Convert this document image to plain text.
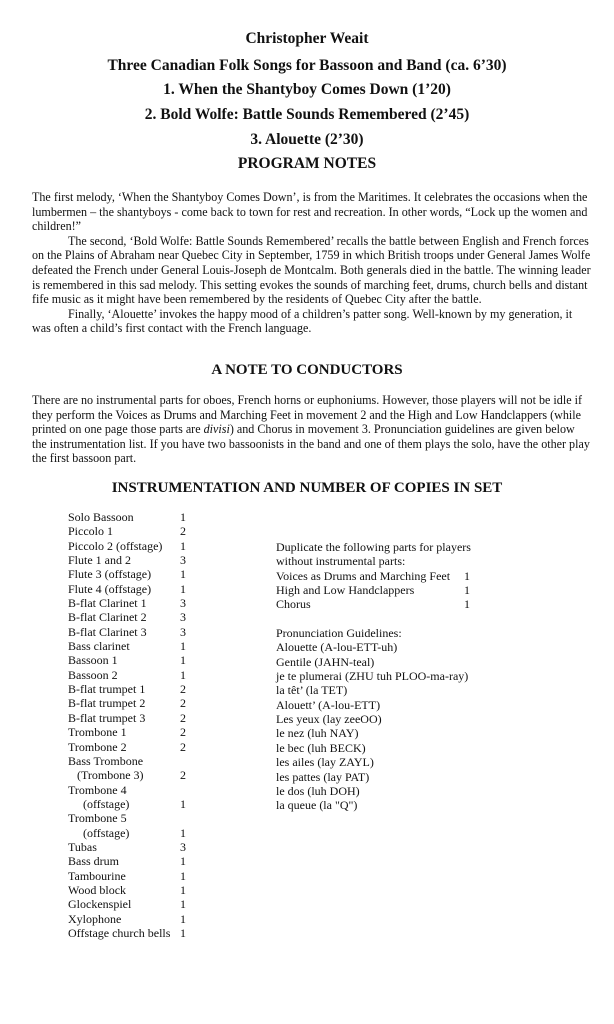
Christopher Weait
Three Canadian Folk Songs for Bassoon and Band (ca. 6’30)
1. When the Shantyboy Comes Down (1’20)
2. Bold Wolfe: Battle Sounds Remembered (2’45)
3. Alouette (2’30)
PROGRAM NOTES

The first melody, ‘When the Shantyboy Comes Down’, is from the Maritimes. It celebrates the occasions when the lumbermen – the shantyboys - come back to town for rest and recreation. In other words, “Lock up the women and children!”

The second, ‘Bold Wolfe: Battle Sounds Remembered’ recalls the battle between English and French forces on the Plains of Abraham near Quebec City in September, 1759 in which British troops under General James Wolfe defeated the French under General Louis-Joseph de Montcalm. Both generals died in the battle. The winning leader is remembered in this sad melody. This setting evokes the sounds of marching feet, drums, church bells and distant fife music as it might have been remembered by the residents of Quebec City after the battle.

Finally, ‘Alouette’ invokes the happy mood of a children’s patter song. Well-known by my generation, it was often a child’s first contact with the French language.

A NOTE TO CONDUCTORS

There are no instrumental parts for oboes, French horns or euphoniums. However, those players will not be idle if they perform the Voices as Drums and Marching Feet in movement 2 and the High and Low Handclappers (while printed on one page those parts are divisi) and Chorus in movement 3. Pronunciation guidelines are given below the instrumentation list. If you have two bassoonists in the band and one of them plays the solo, have the other play the first bassoon part.

INSTRUMENTATION AND NUMBER OF COPIES IN SET
Solo Bassoon	1
Piccolo 1	2
Piccolo 2 (offstage) 1
Flute 1 and 2	3
Flute 3 (offstage) 1
Flute 4 (offstage) 1
B-flat Clarinet 1	3
B-flat Clarinet 2	3
B-flat Clarinet 3	3
Bass clarinet	1
Bassoon 1	1
Bassoon 2	1
B-flat trumpet 1	2
B-flat trumpet 2	2
B-flat trumpet 3	2
Trombone 1	2
Trombone 2	2
Bass Trombone
(Trombone 3)	2
Trombone 4
(offstage)	1
Trombone 5
(offstage)	1
Tubas	3
Bass drum	1
Tambourine	1
Wood block	1
Glockenspiel	1
Xylophone	1
Offstage church bells 1
Duplicate the following parts for players
without instrumental parts:
Voices as Drums and Marching Feet 1
High and Low Handclappers	1
Chorus	1
Pronunciation Guidelines:
Alouette (A-lou-ETT-uh)
Gentile (JAHN-teal)
je te plumerai (ZHU tuh PLOO-ma-ray)
la têt’ (la TET)
Alouett’ (A-lou-ETT)
Les yeux (lay zeeOO)
le nez (luh NAY)
le bec (luh BECK)
les ailes (lay ZAYL)
les pattes (lay PAT)
le dos (luh DOH)
la queue (la "Q")
